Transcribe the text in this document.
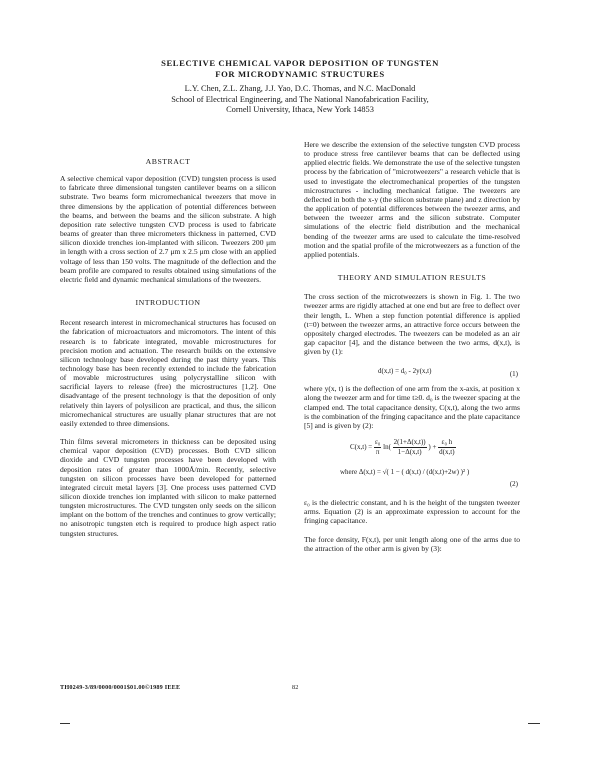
SELECTIVE CHEMICAL VAPOR DEPOSITION OF TUNGSTEN
FOR MICRODYNAMIC STRUCTURES
L.Y. Chen, Z.L. Zhang, J.J. Yao, D.C. Thomas, and N.C. MacDonald
School of Electrical Engineering, and The National Nanofabrication Facility,
Cornell University, Ithaca, New York 14853

ABSTRACT

A selective chemical vapor deposition (CVD) tungsten process is used to fabricate three dimensional tungsten cantilever beams on a silicon substrate. Two beams form micromechanical tweezers that move in three dimensions by the application of potential differences between the beams, and between the beams and the silicon substrate. A high deposition rate selective tungsten CVD process is used to fabricate beams of greater than three micrometers thickness in patterned, CVD silicon dioxide trenches ion-implanted with silicon. Tweezers 200 μm in length with a cross section of 2.7 μm x 2.5 μm close with an applied voltage of less than 150 volts. The magnitude of the deflection and the beam profile are compared to results obtained using simulations of the electric field and dynamic mechanical simulations of the tweezers.

INTRODUCTION

Recent research interest in micromechanical structures has focused on the fabrication of microactuators and micromotors. The intent of this research is to fabricate integrated, movable microstructures for precision motion and actuation. The research builds on the extensive silicon technology base developed during the past thirty years. This technology base has been recently extended to include the fabrication of movable microstructures using polycrystalline silicon with sacrificial layers to release (free) the microstructures [1,2]. One disadvantage of the present technology is that the deposition of only relatively thin layers of polysilicon are practical, and thus, the silicon micromechanical structures are usually planar structures that are not easily extended to three dimensions.

Thin films several micrometers in thickness can be deposited using chemical vapor deposition (CVD) processes. Both CVD silicon dioxide and CVD tungsten processes have been developed with deposition rates of greater than 1000Å/min. Recently, selective tungsten on silicon processes have been developed for patterned integrated circuit metal layers [3]. One process uses patterned CVD silicon dioxide trenches ion implanted with silicon to make patterned tungsten microstructures. The CVD tungsten only seeds on the silicon implant on the bottom of the trenches and continues to grow vertically; no anisotropic tungsten etch is required to produce high aspect ratio tungsten structures.

Here we describe the extension of the selective tungsten CVD process to produce stress free cantilever beams that can be deflected using applied electric fields. We demonstrate the use of the selective tungsten process by the fabrication of "microtweezers" a research vehicle that is used to investigate the electromechanical properties of the tungsten microstructures - including mechanical fatigue. The tweezers are deflected in both the x-y (the silicon substrate plane) and z direction by the application of potential differences between the tweezer arms, and between the tweezer arms and the silicon substrate. Computer simulations of the electric field distribution and the mechanical bending of the tweezer arms are used to calculate the time-resolved motion and the spatial profile of the microtweezers as a function of the applied potentials.

THEORY AND SIMULATION RESULTS

The cross section of the microtweezers is shown in Fig. 1. The two tweezer arms are rigidly attached at one end but are free to deflect over their length, L. When a step function potential difference is applied (t=0) between the tweezer arms, an attractive force occurs between the oppositely charged electrodes. The tweezers can be modeled as an air gap capacitor [4], and the distance between the two arms, d(x,t), is given by (1):

d(x,t) = d₀ - 2y(x,t)	(1)

where y(x, t) is the deflection of one arm from the x-axis, at position x along the tweezer arm and for time t≥0. d₀ is the tweezer spacing at the clamped end. The total capacitance density, C(x,t), along the two arms is the combination of the fringing capacitance and the plate capacitance [5] and is given by (2):

$C(x,t) = \frac{\text{ε₀}}{\pi} \ln( \frac{2(1+\Delta(x,t))}{1-\Delta(x,t)}$ ) + $\frac{\text{ε₀ h}}{d(x,t)}$
where Δ(x,t) = √( 1 − ( d(x,t) / (d(x,t)+2w) )² )
(2)

ε₀ is the dielectric constant, and h is the height of the tungsten tweezer arms. Equation (2) is an approximate expression to account for the fringing capacitance.

The force density, F(x,t), per unit length along one of the arms due to the attraction of the other arm is given by (3):

TH0249-3/89/0000/0001$01.00©1989 IEEE	82
